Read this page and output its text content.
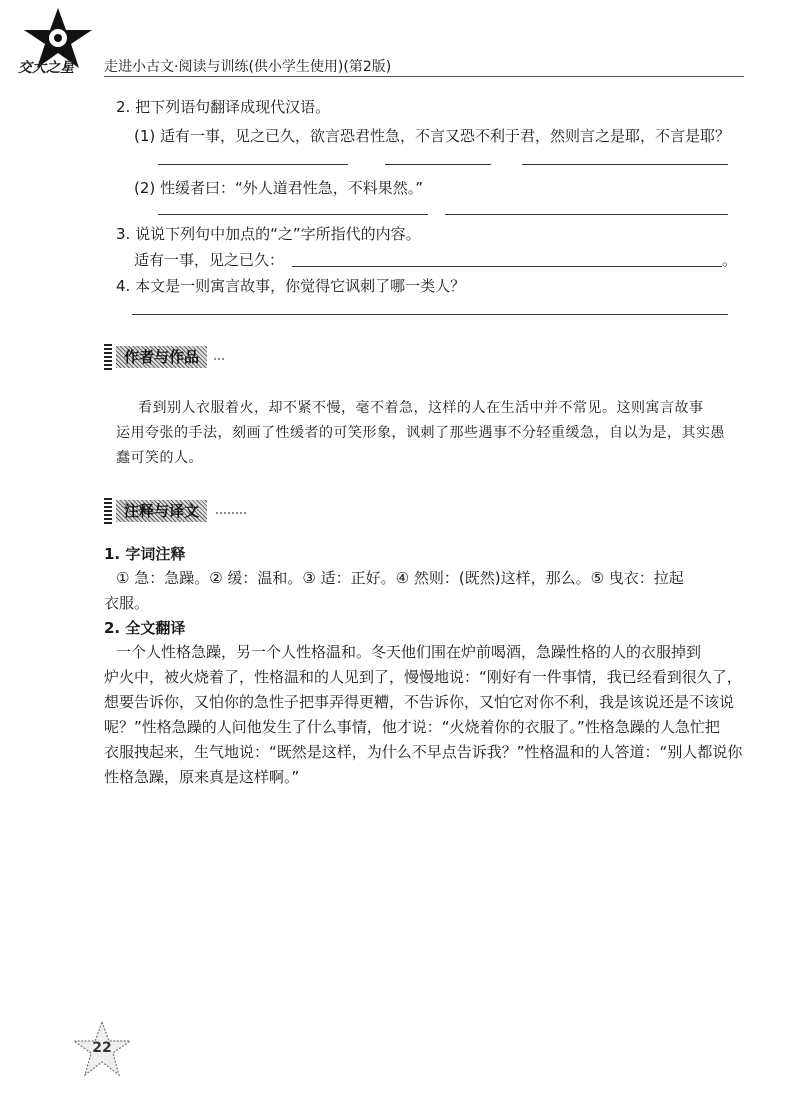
交大之星 走进小古文·阅读与训练(供小学生使用)(第2版)
2. 把下列语句翻译成现代汉语。
(1) 适有一事，见之已久，欲言恐君性急，不言又恐不利于君，然则言之是耶，不言是耶？
(2) 性缓者曰：“外人道君性急，不料果然。”
3. 说说下列句中加点的“之”字所指代的内容。
适有一事，见之已久：	。
4. 本文是一则寓言故事，你觉得它讽刺了哪一类人？
作者与作品
看到别人衣服着火，却不紧不慢，毫不着急，这样的人在生活中并不常见。这则寓言故事
运用夸张的手法，刻画了性缓者的可笑形象，讽刺了那些遇事不分轻重缓急，自以为是，其实愚
蠢可笑的人。
注释与译文
1. 字词注释
① 急：急躁。② 缓：温和。③ 适：正好。④ 然则：(既然)这样，那么。⑤ 曳衣：拉起
衣服。
2. 全文翻译
一个人性格急躁，另一个人性格温和。冬天他们围在炉前喝酒，急躁性格的人的衣服掉到
炉火中，被火烧着了，性格温和的人见到了，慢慢地说：“刚好有一件事情，我已经看到很久了，
想要告诉你，又怕你的急性子把事弄得更糟，不告诉你，又怕它对你不利，我是该说还是不该说
呢？”性格急躁的人问他发生了什么事情，他才说：“火烧着你的衣服了。”性格急躁的人急忙把
衣服拽起来，生气地说：“既然是这样，为什么不早点告诉我？”性格温和的人答道：“别人都说你
性格急躁，原来真是这样啊。”
22
